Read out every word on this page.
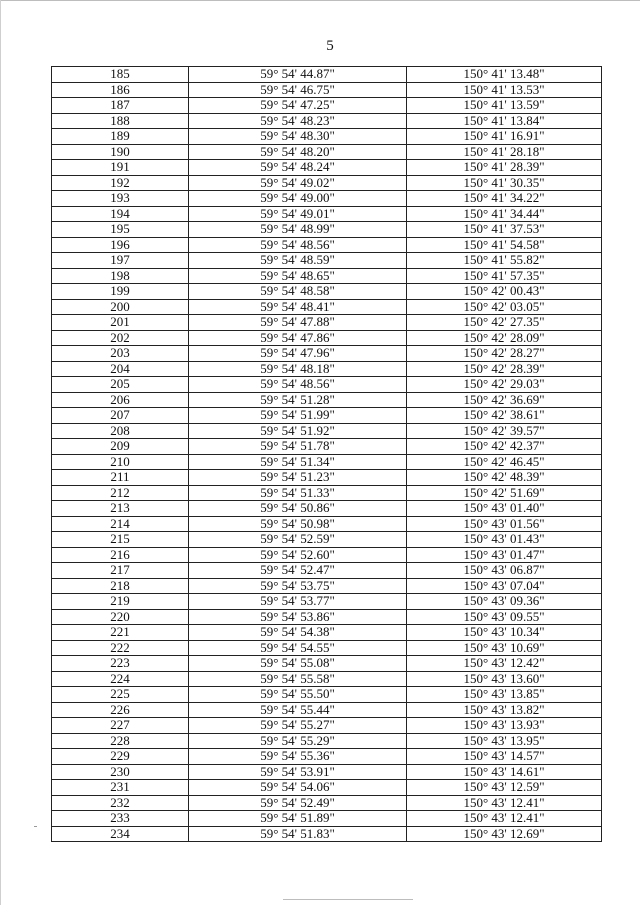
5
185	59° 54' 44.87"	150° 41' 13.48"
186	59° 54' 46.75"	150° 41' 13.53"
187	59° 54' 47.25"	150° 41' 13.59"
188	59° 54' 48.23"	150° 41' 13.84"
189	59° 54' 48.30"	150° 41' 16.91"
190	59° 54' 48.20"	150° 41' 28.18"
191	59° 54' 48.24"	150° 41' 28.39"
192	59° 54' 49.02"	150° 41' 30.35"
193	59° 54' 49.00"	150° 41' 34.22"
194	59° 54' 49.01"	150° 41' 34.44"
195	59° 54' 48.99"	150° 41' 37.53"
196	59° 54' 48.56"	150° 41' 54.58"
197	59° 54' 48.59"	150° 41' 55.82"
198	59° 54' 48.65"	150° 41' 57.35"
199	59° 54' 48.58"	150° 42' 00.43"
200	59° 54' 48.41"	150° 42' 03.05"
201	59° 54' 47.88"	150° 42' 27.35"
202	59° 54' 47.86"	150° 42' 28.09"
203	59° 54' 47.96"	150° 42' 28.27"
204	59° 54' 48.18"	150° 42' 28.39"
205	59° 54' 48.56"	150° 42' 29.03"
206	59° 54' 51.28"	150° 42' 36.69"
207	59° 54' 51.99"	150° 42' 38.61"
208	59° 54' 51.92"	150° 42' 39.57"
209	59° 54' 51.78"	150° 42' 42.37"
210	59° 54' 51.34"	150° 42' 46.45"
211	59° 54' 51.23"	150° 42' 48.39"
212	59° 54' 51.33"	150° 42' 51.69"
213	59° 54' 50.86"	150° 43' 01.40"
214	59° 54' 50.98"	150° 43' 01.56"
215	59° 54' 52.59"	150° 43' 01.43"
216	59° 54' 52.60"	150° 43' 01.47"
217	59° 54' 52.47"	150° 43' 06.87"
218	59° 54' 53.75"	150° 43' 07.04"
219	59° 54' 53.77"	150° 43' 09.36"
220	59° 54' 53.86"	150° 43' 09.55"
221	59° 54' 54.38"	150° 43' 10.34"
222	59° 54' 54.55"	150° 43' 10.69"
223	59° 54' 55.08"	150° 43' 12.42"
224	59° 54' 55.58"	150° 43' 13.60"
225	59° 54' 55.50"	150° 43' 13.85"
226	59° 54' 55.44"	150° 43' 13.82"
227	59° 54' 55.27"	150° 43' 13.93"
228	59° 54' 55.29"	150° 43' 13.95"
229	59° 54' 55.36"	150° 43' 14.57"
230	59° 54' 53.91"	150° 43' 14.61"
231	59° 54' 54.06"	150° 43' 12.59"
232	59° 54' 52.49"	150° 43' 12.41"
233	59° 54' 51.89"	150° 43' 12.41"
234	59° 54' 51.83"	150° 43' 12.69"
